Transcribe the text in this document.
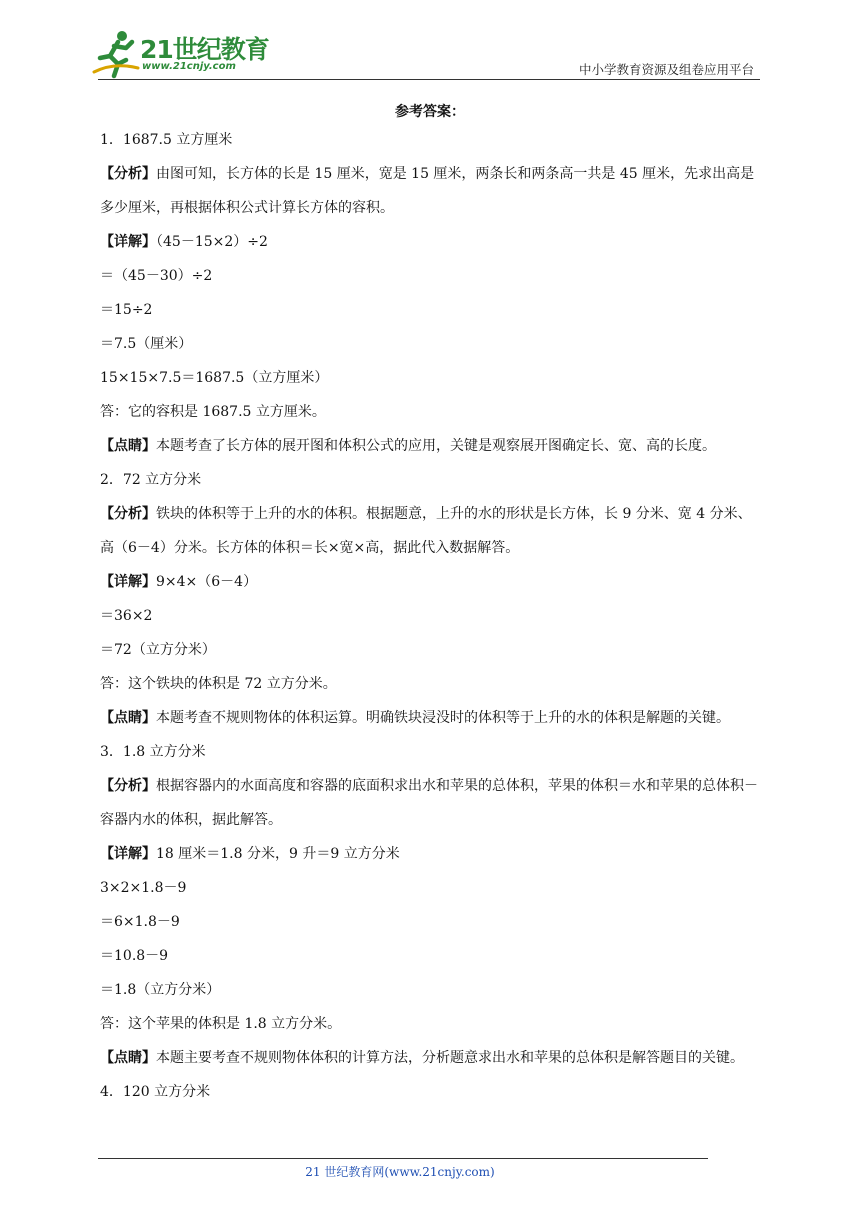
21世纪教育
www.21cnjy.com	中小学教育资源及组卷应用平台
参考答案：
1．1687.5 立方厘米
【分析】由图可知，长方体的长是 15 厘米，宽是 15 厘米，两条长和两条高一共是 45 厘米，先求出高是多少厘米，再根据体积公式计算长方体的容积。
【详解】（45－15×2）÷2
＝（45－30）÷2
＝15÷2
＝7.5（厘米）
15×15×7.5＝1687.5（立方厘米）
答：它的容积是 1687.5 立方厘米。
【点睛】本题考查了长方体的展开图和体积公式的应用，关键是观察展开图确定长、宽、高的长度。
2．72 立方分米
【分析】铁块的体积等于上升的水的体积。根据题意，上升的水的形状是长方体，长 9 分米、宽 4 分米、高（6－4）分米。长方体的体积＝长×宽×高，据此代入数据解答。
【详解】9×4×（6－4）
＝36×2
＝72（立方分米）
答：这个铁块的体积是 72 立方分米。
【点睛】本题考查不规则物体的体积运算。明确铁块浸没时的体积等于上升的水的体积是解题的关键。
3．1.8 立方分米
【分析】根据容器内的水面高度和容器的底面积求出水和苹果的总体积，苹果的体积＝水和苹果的总体积－容器内水的体积，据此解答。
【详解】18 厘米＝1.8 分米，9 升＝9 立方分米
3×2×1.8－9
＝6×1.8－9
＝10.8－9
＝1.8（立方分米）
答：这个苹果的体积是 1.8 立方分米。
【点睛】本题主要考查不规则物体体积的计算方法，分析题意求出水和苹果的总体积是解答题目的关键。
4．120 立方分米
21 世纪教育网(www.21cnjy.com)
